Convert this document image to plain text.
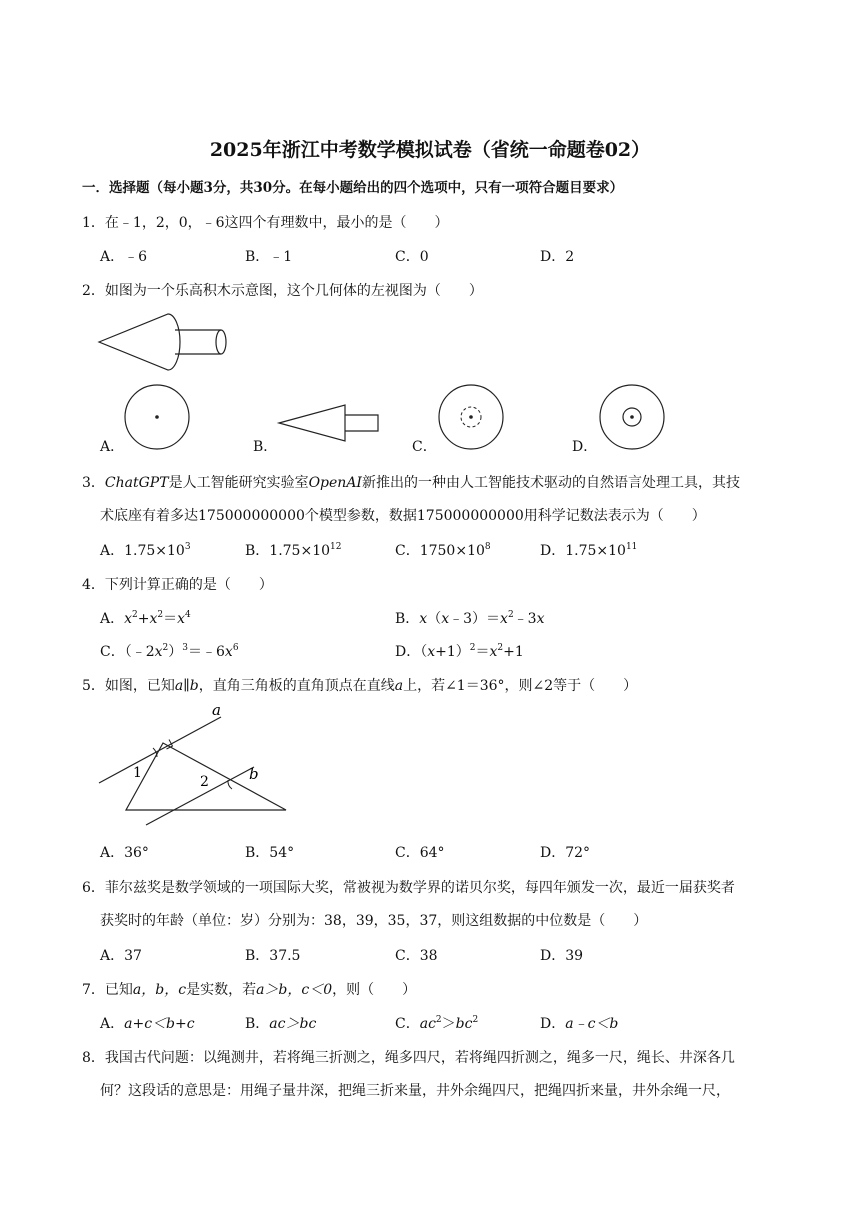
2025年浙江中考数学模拟试卷（省统一命题卷02）
一．选择题（每小题3分，共30分。在每小题给出的四个选项中，只有一项符合题目要求）
1．在﹣1，2，0，﹣6这四个有理数中，最小的是（　　）
A．﹣6	B．﹣1	C．0	D．2
2．如图为一个乐高积木示意图，这个几何体的左视图为（　　）
A．	B．	C．	D．
3．ChatGPT是人工智能研究实验室OpenAI新推出的一种由人工智能技术驱动的自然语言处理工具，其技
术底座有着多达175000000000个模型参数，数据175000000000用科学记数法表示为（　　）
A．$1.75\times 10^3$	B．$1.75\times 10^{12}$	C．$1750\times 10^8$	D．$1.75\times 10^{11}$
4．下列计算正确的是（　　）
A．$x^2+x^2=x^4$	B．$x(x﹣3)=x^2﹣3x$
C．$(﹣2x^2)^3=﹣6x^6$	D．$(x+1)^2=x^2+1$
5．如图，已知a∥b，直角三角板的直角顶点在直线a上，若∠1＝36°，则∠2等于（　　）
a
b
1
2
A．36°	B．54°	C．64°	D．72°
6．菲尔兹奖是数学领域的一项国际大奖，常被视为数学界的诺贝尔奖，每四年颁发一次，最近一届获奖者
获奖时的年龄（单位：岁）分别为：38，39，35，37，则这组数据的中位数是（　　）
A．37	B．37.5	C．38	D．39
7．已知a，b，c是实数，若a＞b，c＜0，则（　　）
A．a+c＜b+c	B．ac＞bc	C．$ac^2>bc^2$	D．a﹣c＜b
8．我国古代问题：以绳测井，若将绳三折测之，绳多四尺，若将绳四折测之，绳多一尺，绳长、井深各几
何？这段话的意思是：用绳子量井深，把绳三折来量，井外余绳四尺，把绳四折来量，井外余绳一尺，
